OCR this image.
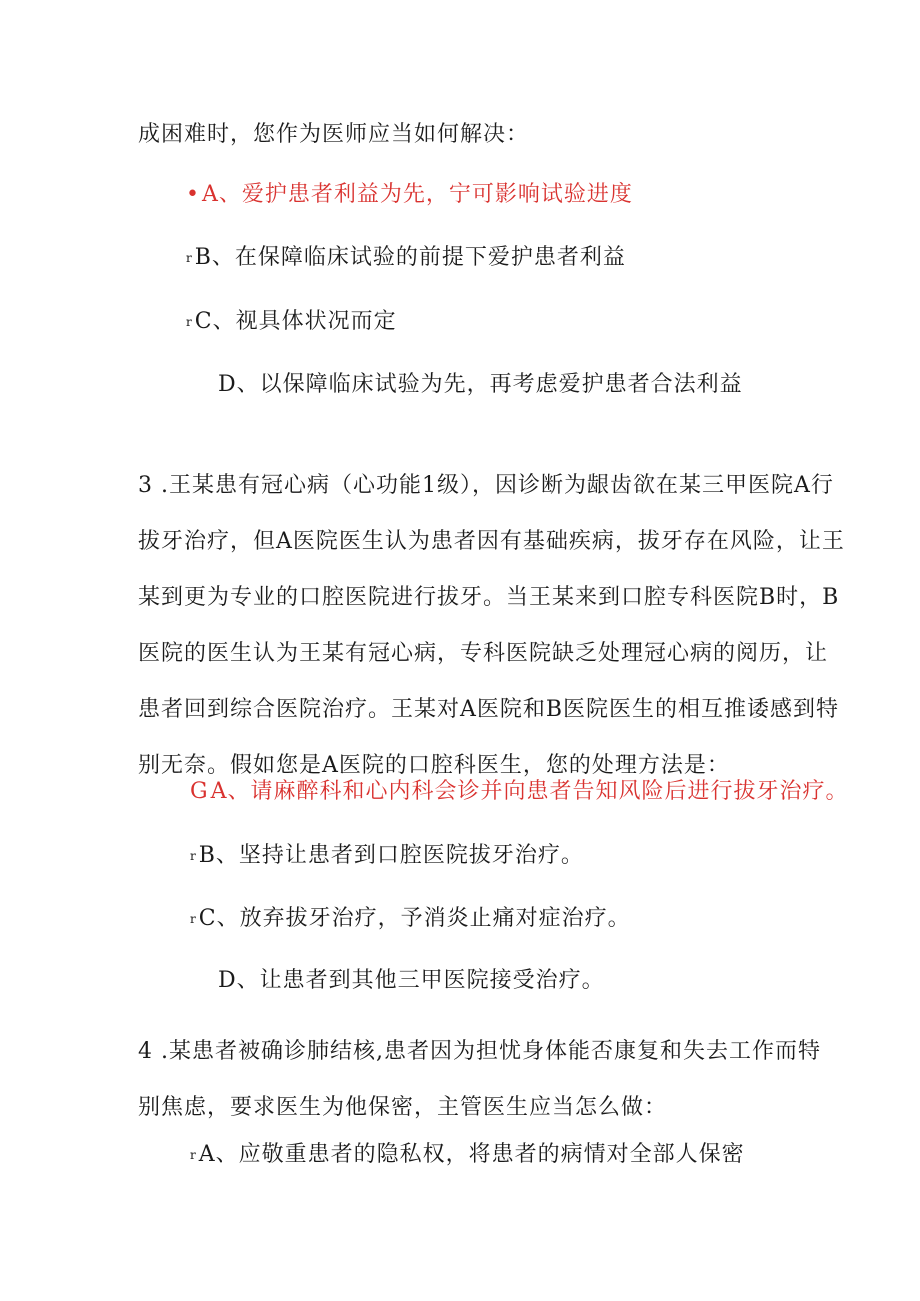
成困难时，您作为医师应当如何解决：
•A、爱护患者利益为先，宁可影响试验进度
$^r$B、在保障临床试验的前提下爱护患者利益
$^r$C、视具体状况而定
D、以保障临床试验为先，再考虑爱护患者合法利益
3 .王某患有冠心病（心功能1级），因诊断为龈齿欲在某三甲医院A行
拔牙治疗，但A医院医生认为患者因有基础疾病，拔牙存在风险，让王
某到更为专业的口腔医院进行拔牙。当王某来到口腔专科医院B时，B
医院的医生认为王某有冠心病，专科医院缺乏处理冠心病的阅历，让
患者回到综合医院治疗。王某对A医院和B医院医生的相互推诿感到特
别无奈。假如您是A医院的口腔科医生，您的处理方法是：
GA、请麻醉科和心内科会诊并向患者告知风险后进行拔牙治疗。
$^r$B、坚持让患者到口腔医院拔牙治疗。
$^r$C、放弃拔牙治疗，予消炎止痛对症治疗。
D、让患者到其他三甲医院接受治疗。
4 .某患者被确诊肺结核,患者因为担忧身体能否康复和失去工作而特
别焦虑，要求医生为他保密，主管医生应当怎么做：
$^r$A、应敬重患者的隐私权，将患者的病情对全部人保密
